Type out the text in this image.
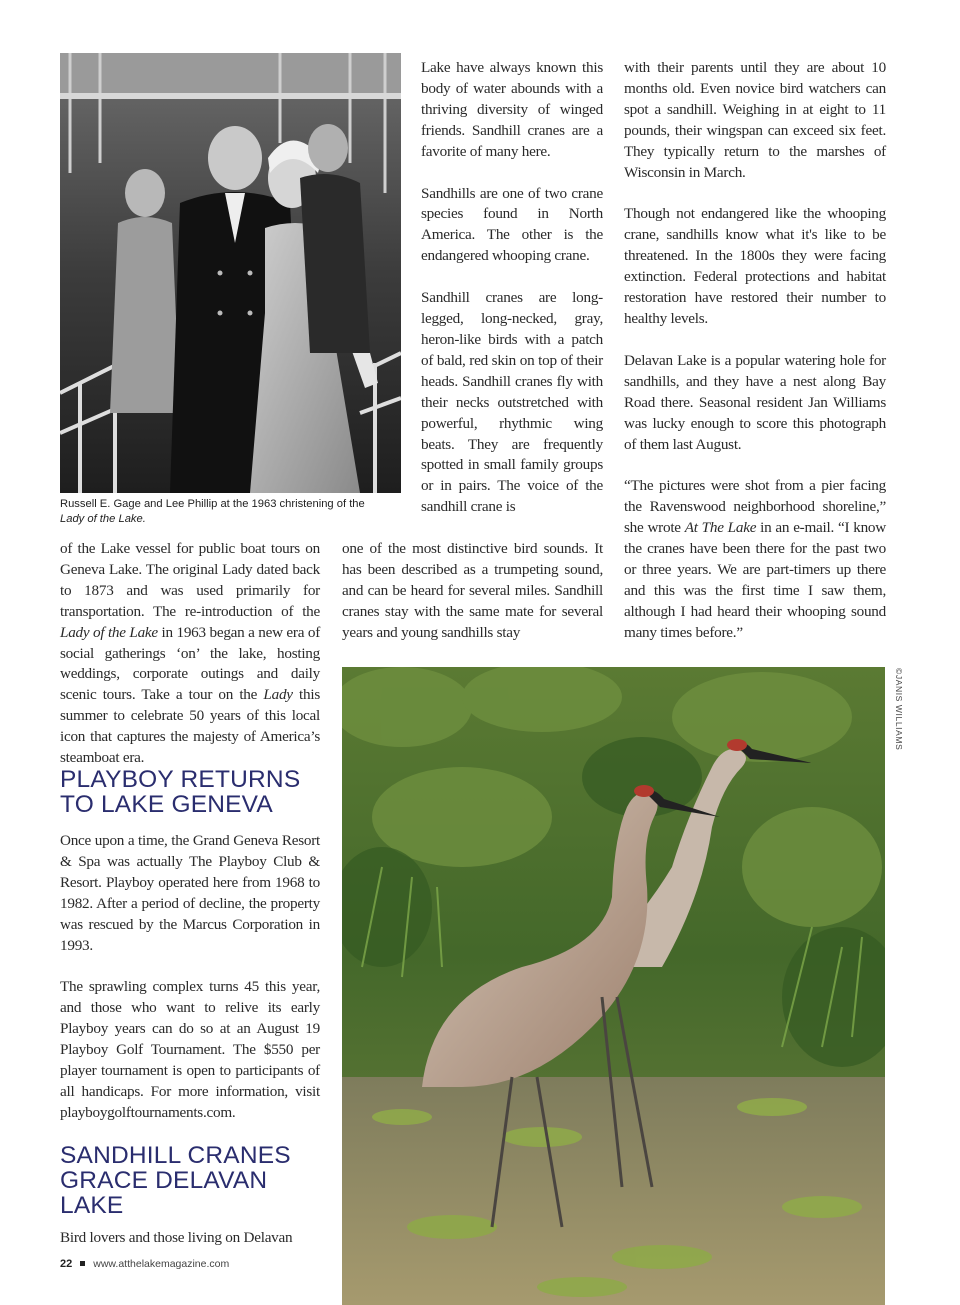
Russell E. Gage and Lee Phillip at the 1963 christening of the
Lady of the Lake.

Lake have always known this body of water abounds with a thriving diversity of winged friends. Sandhill cranes are a favorite of many here.

Sandhills are one of two crane species found in North America. The other is the endangered whooping crane.

Sandhill cranes are long-legged, long-necked, gray, heron-like birds with a patch of bald, red skin on top of their heads. Sandhill cranes fly with their necks outstretched with powerful, rhythmic wing beats. They are frequently spotted in small family groups or in pairs. The voice of the sandhill crane is

one of the most distinctive bird sounds. It has been described as a trumpeting sound, and can be heard for several miles. Sandhill cranes stay with the same mate for several years and young sandhills stay

with their parents until they are about 10 months old. Even novice bird watchers can spot a sandhill. Weighing in at eight to 11 pounds, their wingspan can exceed six feet. They typically return to the marshes of Wisconsin in March.

Though not endangered like the whooping crane, sandhills know what it's like to be threatened. In the 1800s they were facing extinction. Federal protections and habitat restoration have restored their number to healthy levels.

Delavan Lake is a popular watering hole for sandhills, and they have a nest along Bay Road there. Seasonal resident Jan Williams was lucky enough to score this photograph of them last August.

“The pictures were shot from a pier facing the Ravenswood neighborhood shoreline,” she wrote At The Lake in an e-mail. “I know the cranes have been there for the past two or three years. We are part-timers up there and this was the first time I saw them, although I had heard their whooping sound many times before.”

of the Lake vessel for public boat tours on Geneva Lake. The original Lady dated back to 1873 and was used primarily for transportation. The re-introduction of the Lady of the Lake in 1963 began a new era of social gatherings ‘on’ the lake, hosting weddings, corporate outings and daily scenic tours. Take a tour on the Lady this summer to celebrate 50 years of this local icon that captures the majesty of America’s steamboat era.

PLAYBOY RETURNS
TO LAKE GENEVA

Once upon a time, the Grand Geneva Resort & Spa was actually The Playboy Club & Resort. Playboy operated here from 1968 to 1982. After a period of decline, the property was rescued by the Marcus Corporation in 1993.

The sprawling complex turns 45 this year, and those who want to relive its early Playboy years can do so at an August 19 Playboy Golf Tournament. The $550 per player tournament is open to participants of all handicaps. For more information, visit playboygolftournaments.com.

SANDHILL CRANES
GRACE DELAVAN
LAKE

Bird lovers and those living on Delavan

©JANIS WILLIAMS
22 www.atthelakemagazine.com
